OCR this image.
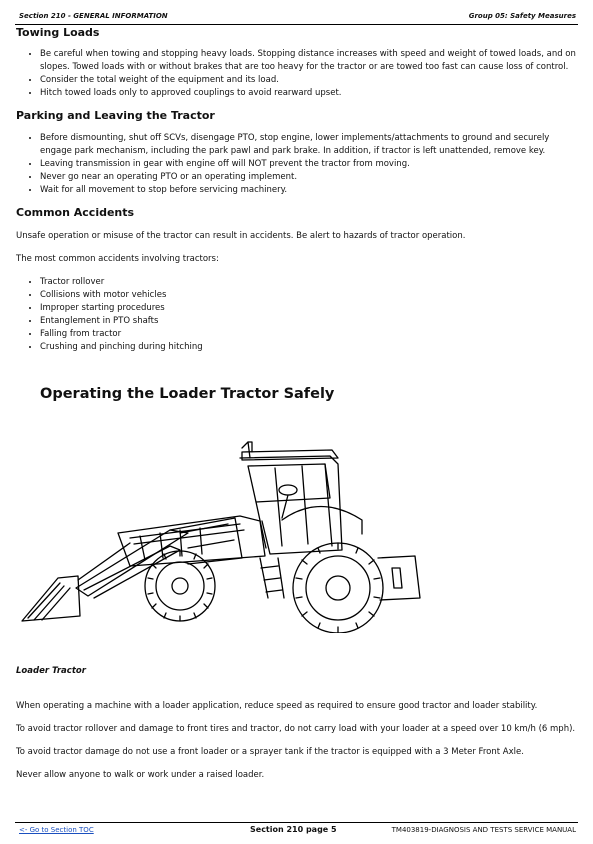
Section 210 - GENERAL INFORMATION	Group 05: Safety Measures
Towing Loads
• Be careful when towing and stopping heavy loads. Stopping distance increases with speed and weight of towed loads, and on slopes. Towed loads with or without brakes that are too heavy for the tractor or are towed too fast can cause loss of control.
• Consider the total weight of the equipment and its load.
• Hitch towed loads only to approved couplings to avoid rearward upset.
Parking and Leaving the Tractor
• Before dismounting, shut off SCVs, disengage PTO, stop engine, lower implements/attachments to ground and securely engage park mechanism, including the park pawl and park brake. In addition, if tractor is left unattended, remove key.
• Leaving transmission in gear with engine off will NOT prevent the tractor from moving.
• Never go near an operating PTO or an operating implement.
• Wait for all movement to stop before servicing machinery.
Common Accidents

Unsafe operation or misuse of the tractor can result in accidents. Be alert to hazards of tractor operation.

The most common accidents involving tractors:

• Tractor rollover
• Collisions with motor vehicles
• Improper starting procedures
• Entanglement in PTO shafts
• Falling from tractor
• Crushing and pinching during hitching
Operating the Loader Tractor Safely
Loader Tractor

When operating a machine with a loader application, reduce speed as required to ensure good tractor and loader stability.

To avoid tractor rollover and damage to front tires and tractor, do not carry load with your loader at a speed over 10 km/h (6 mph).

To avoid tractor damage do not use a front loader or a sprayer tank if the tractor is equipped with a 3 Meter Front Axle.

Never allow anyone to walk or work under a raised loader.

<- Go to Section TOC	Section 210 page 5	TM403819-DIAGNOSIS AND TESTS SERVICE MANUAL
